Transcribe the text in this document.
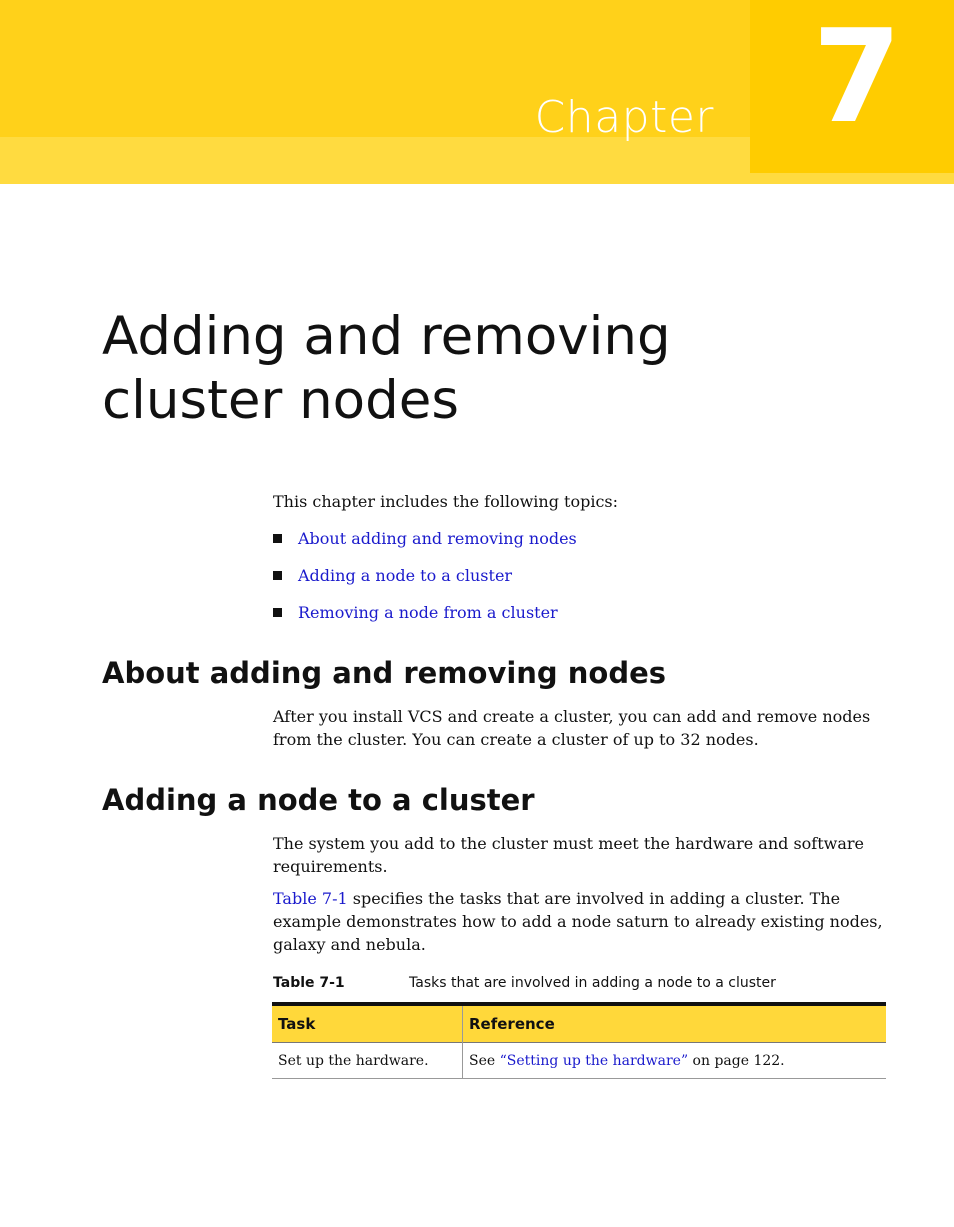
Chapter 7
Adding and removing
cluster nodes

This chapter includes the following topics:

About adding and removing nodes
Adding a node to a cluster
Removing a node from a cluster
About adding and removing nodes

After you install VCS and create a cluster, you can add and remove nodes from the cluster. You can create a cluster of up to 32 nodes.

Adding a node to a cluster

The system you add to the cluster must meet the hardware and software requirements.

Table 7-1 specifies the tasks that are involved in adding a cluster. The example demonstrates how to add a node saturn to already existing nodes, galaxy and nebula.

Table 7-1	Tasks that are involved in adding a node to a cluster
Task	Reference
Set up the hardware.	See “Setting up the hardware” on page 122.
